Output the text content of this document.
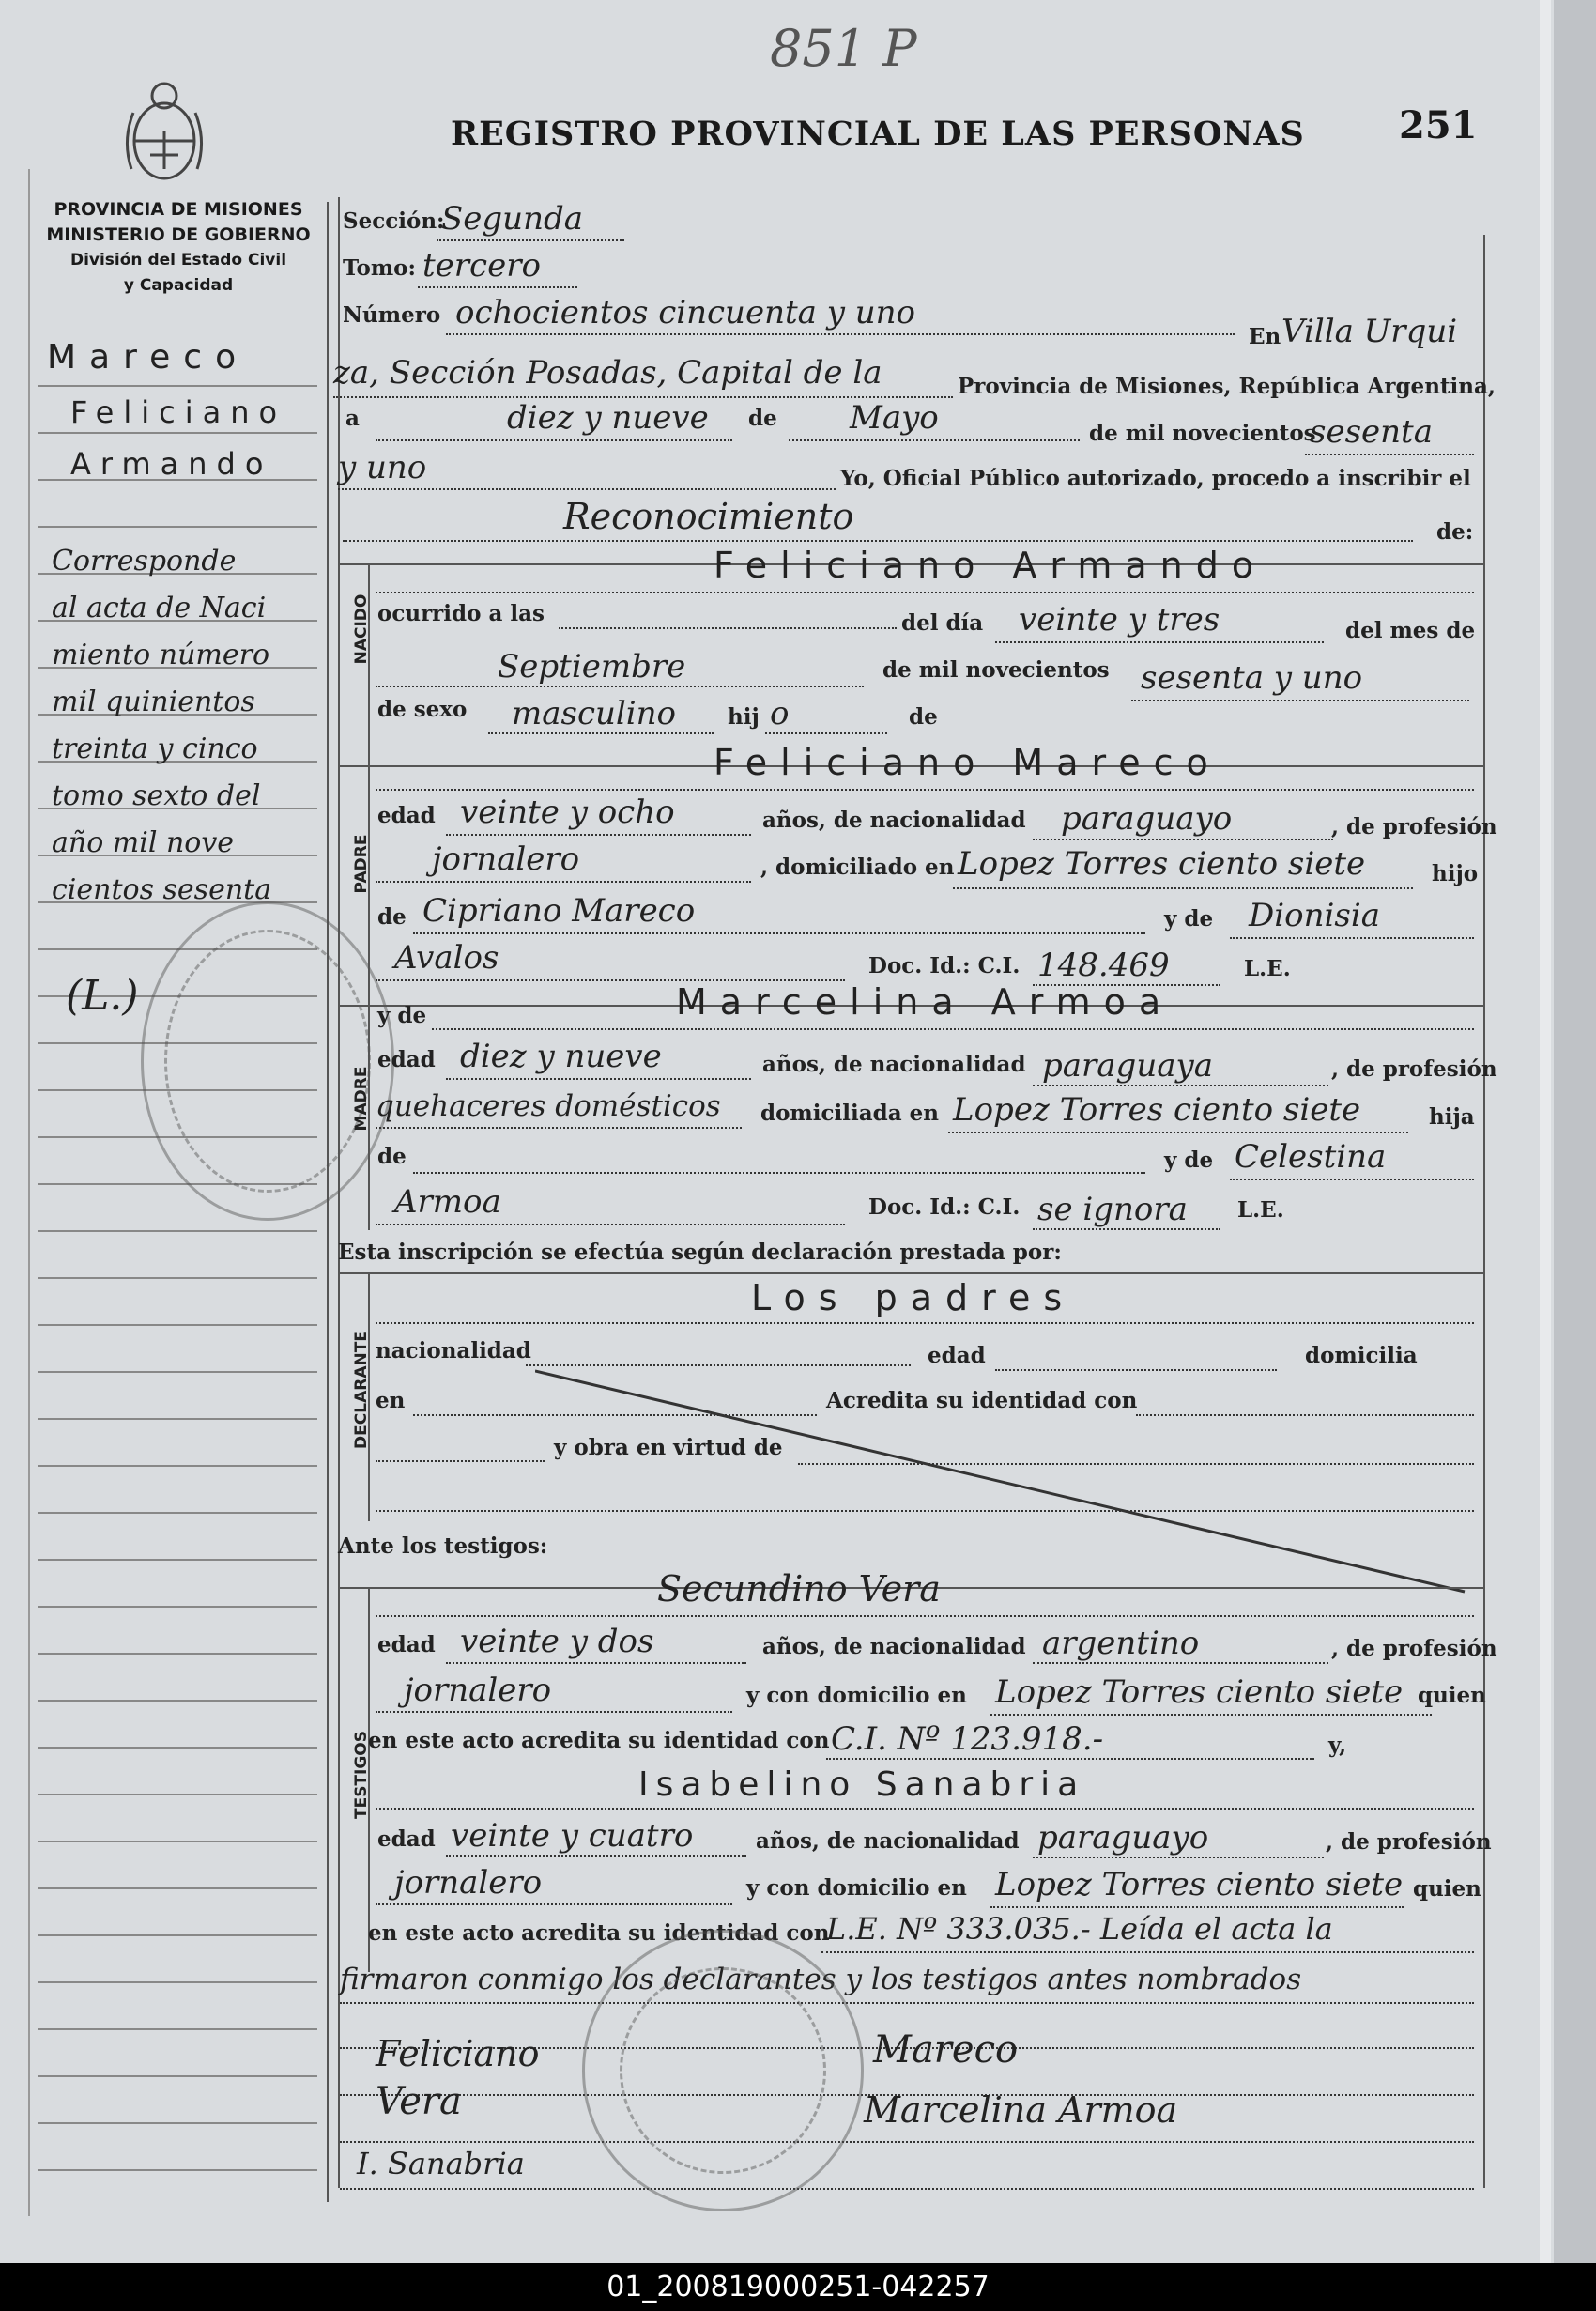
851 P
REGISTRO PROVINCIAL DE LAS PERSONAS	251
PROVINCIA DE MISIONES
MINISTERIO DE GOBIERNO
División del Estado Civil
y Capacidad
Mareco
Feliciano
Armando
Corresponde
al acta de Naci
miento número
mil quinientos
treinta y cinco
tomo sexto del
año mil nove
cientos sesenta
(L.)
Sección:
Segunda
Tomo: tercero
Número ochocientos cincuenta y uno
En Villa Urqui
za, Sección Posadas, Capital de la	Provincia de Misiones, República Argentina,
a	diez y nueve de Mayo	de mil novecientos
sesenta
y uno	Yo, Oficial Público autorizado, procedo a inscribir el
Reconocimiento	de:
NACIDO
Feliciano Armando
ocurrido a las	del día veinte y tres	del mes de
Septiembre	de mil novecientos sesenta y uno
de sexo masculino hij o	de
PADRE
Feliciano Mareco
edad veinte y ocho	años, de nacionalidad paraguayo	, de profesión
jornalero	, domiciliado en Lopez Torres ciento siete	hijo
de Cipriano Mareco	y de Dionisia
Avalos	Doc. Id.: C.I. 148.469	L.E.
MADRE
y de	Marcelina Armoa
edad diez y nueve	años, de nacionalidad paraguaya	, de profesión
quehaceres domésticos domiciliada en Lopez Torres ciento siete	hija
de	y de Celestina
Armoa	Doc. Id.: C.I. se ignora L.E.
Esta inscripción se efectúa según declaración prestada por:
DECLARANTE
Los padres
nacionalidad	edad	domicilia
en	Acredita su identidad con
y obra en virtud de
Ante los testigos:
TESTIGOS
Secundino Vera
edad veinte y dos	años, de nacionalidad argentino	, de profesión
jornalero	y con domicilio en Lopez Torres ciento siete quien
en este acto acredita su identidad con C.I. Nº 123.918.-	y,
Isabelino Sanabria
edad veinte y cuatro	años, de nacionalidad paraguayo	, de profesión
jornalero	y con domicilio en Lopez Torres ciento siete quien
en este acto acredita su identidad con
L.E. Nº 333.035.- Leída el acta la
firmaron conmigo los declarantes y los testigos antes nombrados
Feliciano	Mareco
Vera	Marcelina Armoa
I. Sanabria
01_200819000251-042257
